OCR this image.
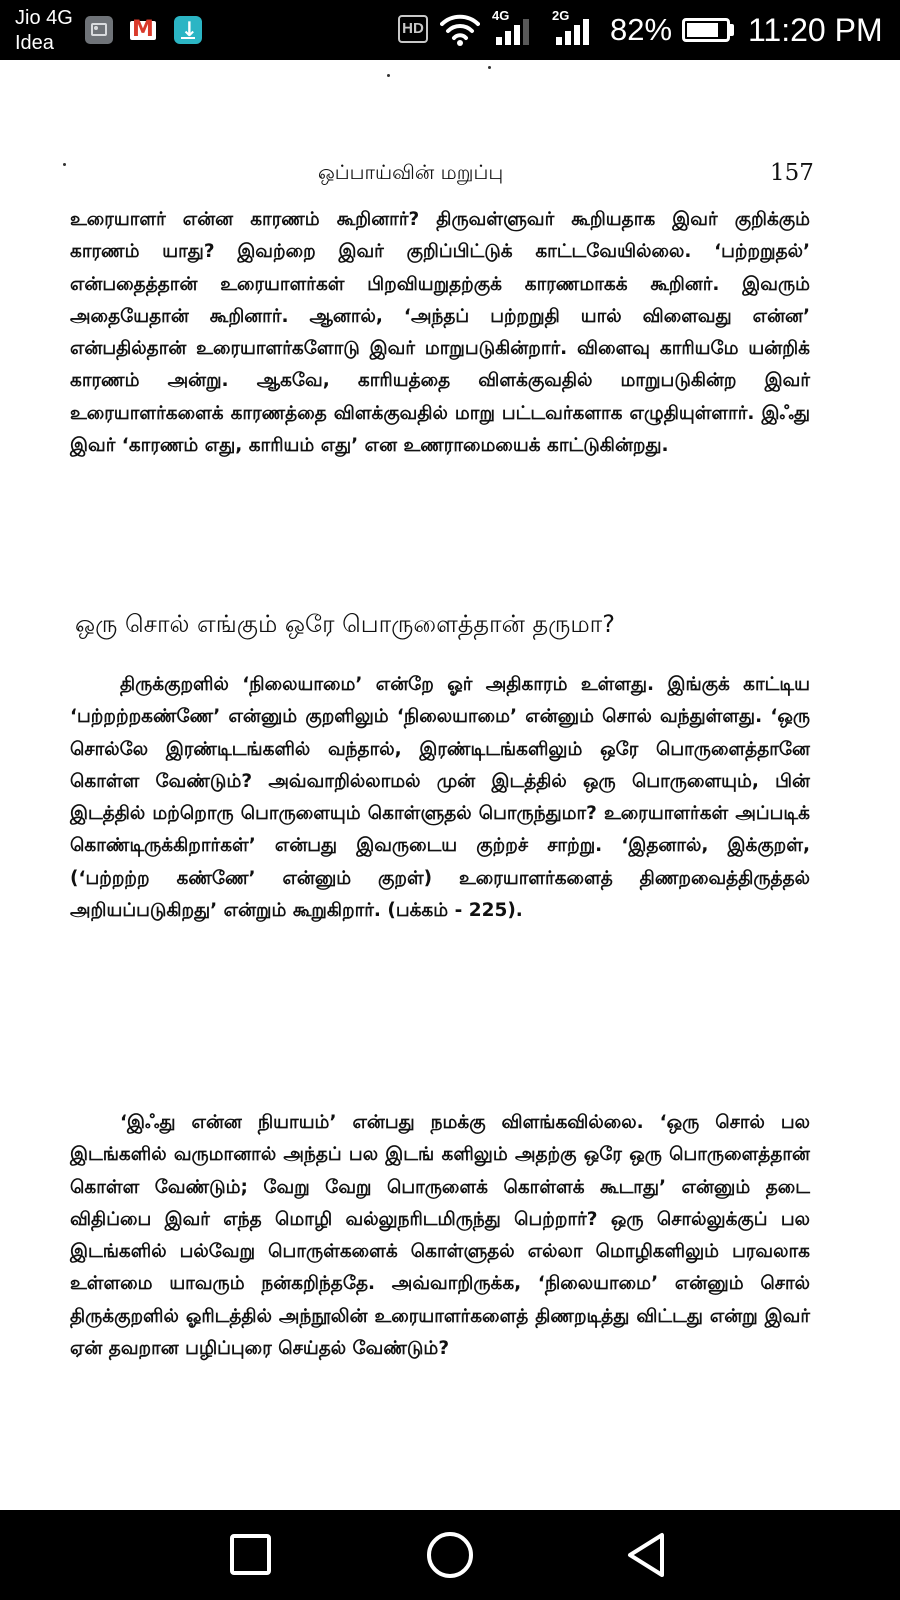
Jio 4G
Idea
M
↓
HD
4G	2G 82% 11:20 PM
ஒப்பாய்வின் மறுப்பு	157

உரையாளர் என்ன காரணம் கூறினார்? திருவள்ளுவர் கூறியதாக இவர் குறிக்கும் காரணம் யாது? இவற்றை இவர் குறிப்பிட்டுக் காட்டவேயில்லை. ‘பற்றறுதல்’ என்பதைத்தான் உரையாளர்கள் பிறவியறுதற்குக் காரணமாகக் கூறினர். இவரும் அதையேதான் கூறினார். ஆனால், ‘அந்தப் பற்றறுதி யால் விளைவது என்ன’ என்பதில்தான் உரையாளர்களோடு இவர் மாறுபடுகின்றார். விளைவு காரியமே யன்றிக் காரணம் அன்று. ஆகவே, காரியத்தை விளக்குவதில் மாறுபடுகின்ற இவர் உரையாளர்களைக் காரணத்தை விளக்குவதில் மாறு பட்டவர்களாக எழுதியுள்ளார். இஃது இவர் ‘காரணம் எது, காரியம் எது’ என உணராமையைக் காட்டுகின்றது.

ஒரு சொல் எங்கும் ஒரே பொருளைத்தான் தருமா?

திருக்குறளில் ‘நிலையாமை’ என்றே ஓர் அதிகாரம் உள்ளது. இங்குக் காட்டிய ‘பற்றற்றகண்ணே’ என்னும் குறளிலும் ‘நிலையாமை’ என்னும் சொல் வந்துள்ளது. ‘ஒரு சொல்லே இரண்டிடங்களில் வந்தால், இரண்டிடங்களிலும் ஒரே பொருளைத்தானே கொள்ள வேண்டும்? அவ்வாறில்லாமல் முன் இடத்தில் ஒரு பொருளையும், பின் இடத்தில் மற்றொரு பொருளையும் கொள்ளுதல் பொருந்துமா? உரையாளர்கள் அப்படிக் கொண்டிருக்கிறார்கள்’ என்பது இவருடைய குற்றச் சாற்று. ‘இதனால், இக்குறள், (‘பற்றற்ற கண்ணே’ என்னும் குறள்) உரையாளர்களைத் திணறவைத்திருத்தல் அறியப்படுகிறது’ என்றும் கூறுகிறார். (பக்கம் - 225).

‘இஃது என்ன நியாயம்’ என்பது நமக்கு விளங்கவில்லை. ‘ஒரு சொல் பல இடங்களில் வருமானால் அந்தப் பல இடங் களிலும் அதற்கு ஒரே ஒரு பொருளைத்தான் கொள்ள வேண்டும்; வேறு வேறு பொருளைக் கொள்ளக் கூடாது’ என்னும் தடை விதிப்பை இவர் எந்த மொழி வல்லுநரிடமிருந்து பெற்றார்? ஒரு சொல்லுக்குப் பல இடங்களில் பல்வேறு பொருள்களைக் கொள்ளுதல் எல்லா மொழிகளிலும் பரவலாக உள்ளமை யாவரும் நன்கறிந்ததே. அவ்வாறிருக்க, ‘நிலையாமை’ என்னும் சொல் திருக்குறளில் ஓரிடத்தில் அந்நூலின் உரையாளர்களைத் திணறடித்து விட்டது என்று இவர் ஏன் தவறான பழிப்புரை செய்தல் வேண்டும்?
